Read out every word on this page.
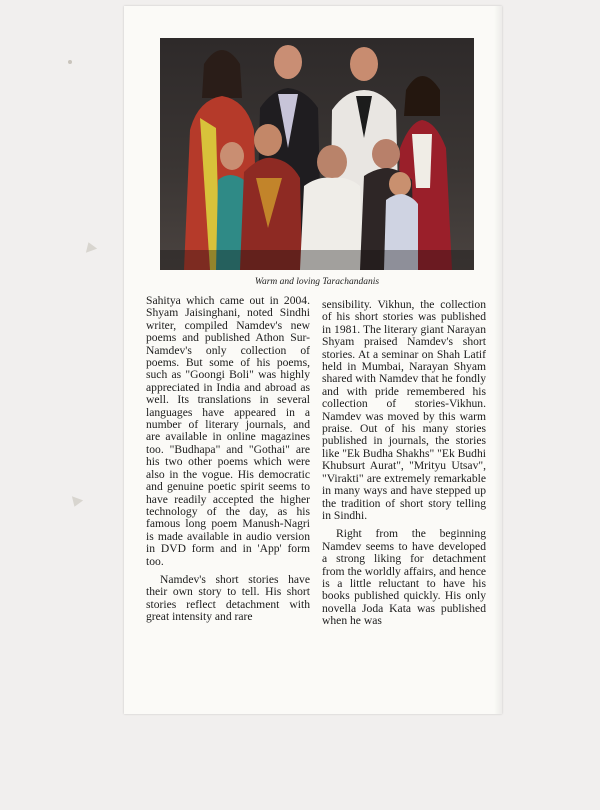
Warm and loving Tarachandanis

Sahitya which came out in 2004. Shyam Jaisinghani, noted Sindhi writer, compiled Namdev's new poems and published Athon Sur- Namdev's only collection of poems. But some of his poems, such as "Goongi Boli" was highly appreciated in India and abroad as well. Its translations in several languages have appeared in a number of literary journals, and are available in online magazines too. "Budhapa" and "Gothai" are his two other poems which were also in the vogue. His democratic and genuine poetic spirit seems to have readily accepted the higher technology of the day, as his famous long poem Manush-Nagri is made available in audio version in DVD form and in 'App' form too.

Namdev's short stories have their own story to tell. His short stories reflect detachment with great intensity and rare

sensibility. Vikhun, the collection of his short stories was published in 1981. The literary giant Narayan Shyam praised Namdev's short stories. At a seminar on Shah Latif held in Mumbai, Narayan Shyam shared with Namdev that he fondly and with pride remembered his collection of stories-Vikhun. Namdev was moved by this warm praise. Out of his many stories published in journals, the stories like "Ek Budha Shakhs" "Ek Budhi Khubsurt Aurat", "Mrityu Utsav", "Virakti" are extremely remarkable in many ways and have stepped up the tradition of short story telling in Sindhi.

Right from the beginning Namdev seems to have developed a strong liking for detachment from the worldly affairs, and hence is a little reluctant to have his books published quickly. His only novella Joda Kata was published when he was
